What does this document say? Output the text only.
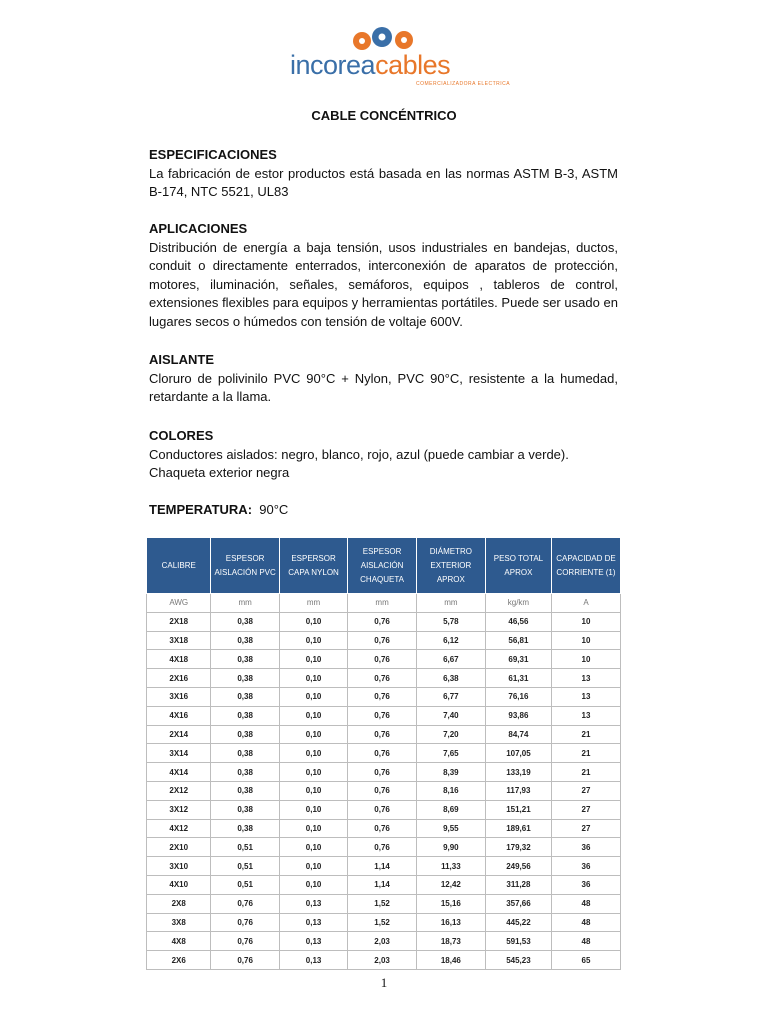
incoreacables
COMERCIALIZADORA ELECTRICA
CABLE CONCÉNTRICO
ESPECIFICACIONES

La fabricación de estor productos está basada en las normas ASTM B-3, ASTM B-174, NTC 5521, UL83

APLICACIONES

Distribución de energía a baja tensión, usos industriales en bandejas, ductos, conduit o directamente enterrados, interconexión de aparatos de protección, motores, iluminación, señales, semáforos, equipos , tableros de control, extensiones flexibles para equipos y herramientas portátiles. Puede ser usado en lugares secos o húmedos con tensión de voltaje 600V.

AISLANTE

Cloruro de polivinilo PVC 90°C + Nylon, PVC 90°C, resistente a la humedad, retardante a la llama.

COLORES

Conductores aislados: negro, blanco, rojo, azul (puede cambiar a verde).

Chaqueta exterior negra

TEMPERATURA: 90°C
CALIBRE	ESPESOR AISLACIÓN PVC	ESPERSOR CAPA NYLON	ESPESOR AISLACIÓN CHAQUETA	DIÁMETRO EXTERIOR APROX	PESO TOTAL APROX	CAPACIDAD DE CORRIENTE (1)
AWG	mm	mm	mm	mm	kg/km	A
2X18	0,38	0,10	0,76	5,78	46,56	10
3X18	0,38	0,10	0,76	6,12	56,81	10
4X18	0,38	0,10	0,76	6,67	69,31	10
2X16	0,38	0,10	0,76	6,38	61,31	13
3X16	0,38	0,10	0,76	6,77	76,16	13
4X16	0,38	0,10	0,76	7,40	93,86	13
2X14	0,38	0,10	0,76	7,20	84,74	21
3X14	0,38	0,10	0,76	7,65	107,05	21
4X14	0,38	0,10	0,76	8,39	133,19	21
2X12	0,38	0,10	0,76	8,16	117,93	27
3X12	0,38	0,10	0,76	8,69	151,21	27
4X12	0,38	0,10	0,76	9,55	189,61	27
2X10	0,51	0,10	0,76	9,90	179,32	36
3X10	0,51	0,10	1,14	11,33	249,56	36
4X10	0,51	0,10	1,14	12,42	311,28	36
2X8	0,76	0,13	1,52	15,16	357,66	48
3X8	0,76	0,13	1,52	16,13	445,22	48
4X8	0,76	0,13	2,03	18,73	591,53	48
2X6	0,76	0,13	2,03	18,46	545,23	65
1
